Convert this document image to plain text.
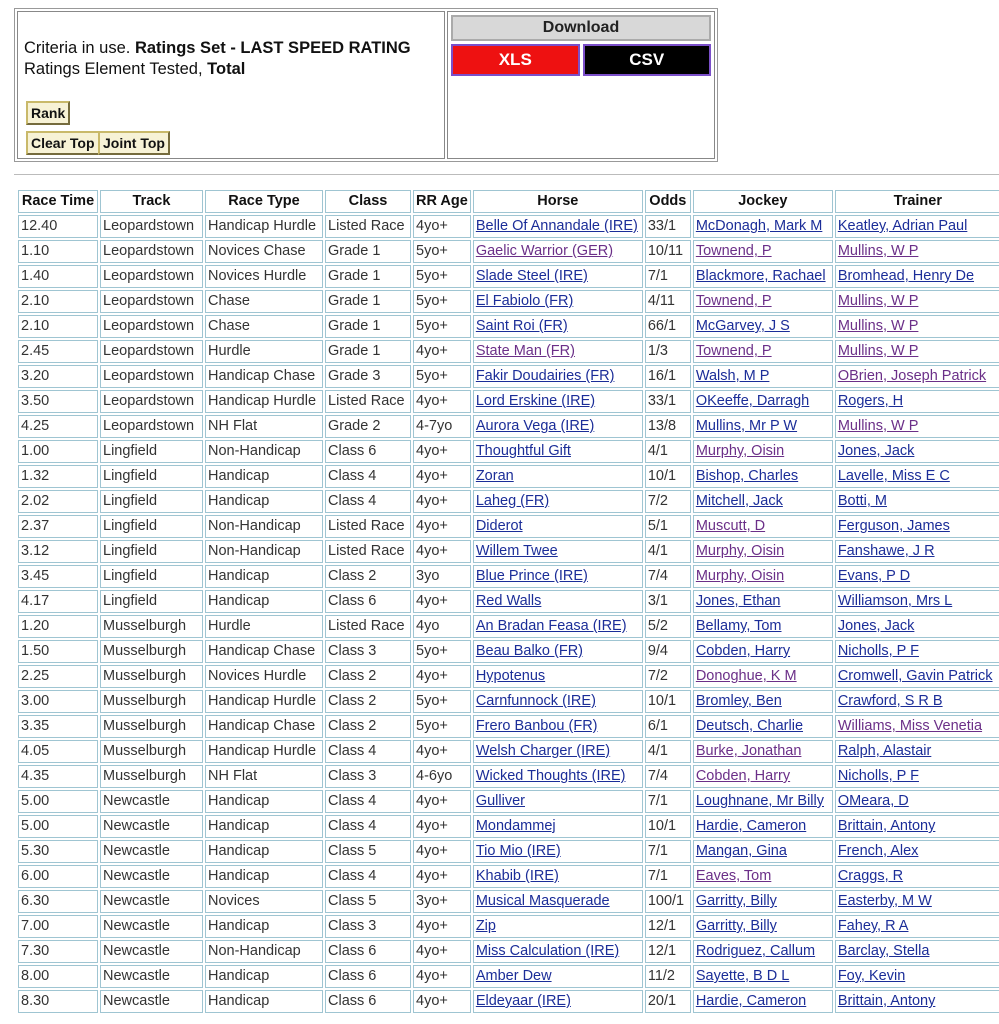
Criteria in use. Ratings Set - LAST SPEED RATING
Ratings Element Tested, Total
Rank
Clear Top Joint Top
Download
XLS	CSV
Race Time	Track	Race Type	Class	RR Age	Horse	Odds	Jockey	Trainer	
12.40	Leopardstown	Handicap Hurdle	Listed Race	4yo+	Belle Of Annandale (IRE)	33/1	McDonagh, Mark M	Keatley, Adrian Paul	
1.10	Leopardstown	Novices Chase	Grade 1	5yo+	Gaelic Warrior (GER)	10/11	Townend, P	Mullins, W P	
1.40	Leopardstown	Novices Hurdle	Grade 1	5yo+	Slade Steel (IRE)	7/1	Blackmore, Rachael	Bromhead, Henry De	
2.10	Leopardstown	Chase	Grade 1	5yo+	El Fabiolo (FR)	4/11	Townend, P	Mullins, W P	
2.10	Leopardstown	Chase	Grade 1	5yo+	Saint Roi (FR)	66/1	McGarvey, J S	Mullins, W P	
2.45	Leopardstown	Hurdle	Grade 1	4yo+	State Man (FR)	1/3	Townend, P	Mullins, W P	
3.20	Leopardstown	Handicap Chase	Grade 3	5yo+	Fakir Doudairies (FR)	16/1	Walsh, M P	OBrien, Joseph Patrick	
3.50	Leopardstown	Handicap Hurdle	Listed Race	4yo+	Lord Erskine (IRE)	33/1	OKeeffe, Darragh	Rogers, H	
4.25	Leopardstown	NH Flat	Grade 2	4-7yo	Aurora Vega (IRE)	13/8	Mullins, Mr P W	Mullins, W P	
1.00	Lingfield	Non-Handicap	Class 6	4yo+	Thoughtful Gift	4/1	Murphy, Oisin	Jones, Jack	
1.32	Lingfield	Handicap	Class 4	4yo+	Zoran	10/1	Bishop, Charles	Lavelle, Miss E C	
2.02	Lingfield	Handicap	Class 4	4yo+	Laheg (FR)	7/2	Mitchell, Jack	Botti, M	
2.37	Lingfield	Non-Handicap	Listed Race	4yo+	Diderot	5/1	Muscutt, D	Ferguson, James	
3.12	Lingfield	Non-Handicap	Listed Race	4yo+	Willem Twee	4/1	Murphy, Oisin	Fanshawe, J R	
3.45	Lingfield	Handicap	Class 2	3yo	Blue Prince (IRE)	7/4	Murphy, Oisin	Evans, P D	
4.17	Lingfield	Handicap	Class 6	4yo+	Red Walls	3/1	Jones, Ethan	Williamson, Mrs L	
1.20	Musselburgh	Hurdle	Listed Race	4yo	An Bradan Feasa (IRE)	5/2	Bellamy, Tom	Jones, Jack	
1.50	Musselburgh	Handicap Chase	Class 3	5yo+	Beau Balko (FR)	9/4	Cobden, Harry	Nicholls, P F	
2.25	Musselburgh	Novices Hurdle	Class 2	4yo+	Hypotenus	7/2	Donoghue, K M	Cromwell, Gavin Patrick	
3.00	Musselburgh	Handicap Hurdle	Class 2	5yo+	Carnfunnock (IRE)	10/1	Bromley, Ben	Crawford, S R B	
3.35	Musselburgh	Handicap Chase	Class 2	5yo+	Frero Banbou (FR)	6/1	Deutsch, Charlie	Williams, Miss Venetia	
4.05	Musselburgh	Handicap Hurdle	Class 4	4yo+	Welsh Charger (IRE)	4/1	Burke, Jonathan	Ralph, Alastair	
4.35	Musselburgh	NH Flat	Class 3	4-6yo	Wicked Thoughts (IRE)	7/4	Cobden, Harry	Nicholls, P F	
5.00	Newcastle	Handicap	Class 4	4yo+	Gulliver	7/1	Loughnane, Mr Billy	OMeara, D	
5.00	Newcastle	Handicap	Class 4	4yo+	Mondammej	10/1	Hardie, Cameron	Brittain, Antony	
5.30	Newcastle	Handicap	Class 5	4yo+	Tio Mio (IRE)	7/1	Mangan, Gina	French, Alex	
6.00	Newcastle	Handicap	Class 4	4yo+	Khabib (IRE)	7/1	Eaves, Tom	Craggs, R	
6.30	Newcastle	Novices	Class 5	3yo+	Musical Masquerade	100/1	Garritty, Billy	Easterby, M W	
7.00	Newcastle	Handicap	Class 3	4yo+	Zip	12/1	Garritty, Billy	Fahey, R A	
7.30	Newcastle	Non-Handicap	Class 6	4yo+	Miss Calculation (IRE)	12/1	Rodriguez, Callum	Barclay, Stella	
8.00	Newcastle	Handicap	Class 6	4yo+	Amber Dew	11/2	Sayette, B D L	Foy, Kevin	
8.30	Newcastle	Handicap	Class 6	4yo+	Eldeyaar (IRE)	20/1	Hardie, Cameron	Brittain, Antony	
